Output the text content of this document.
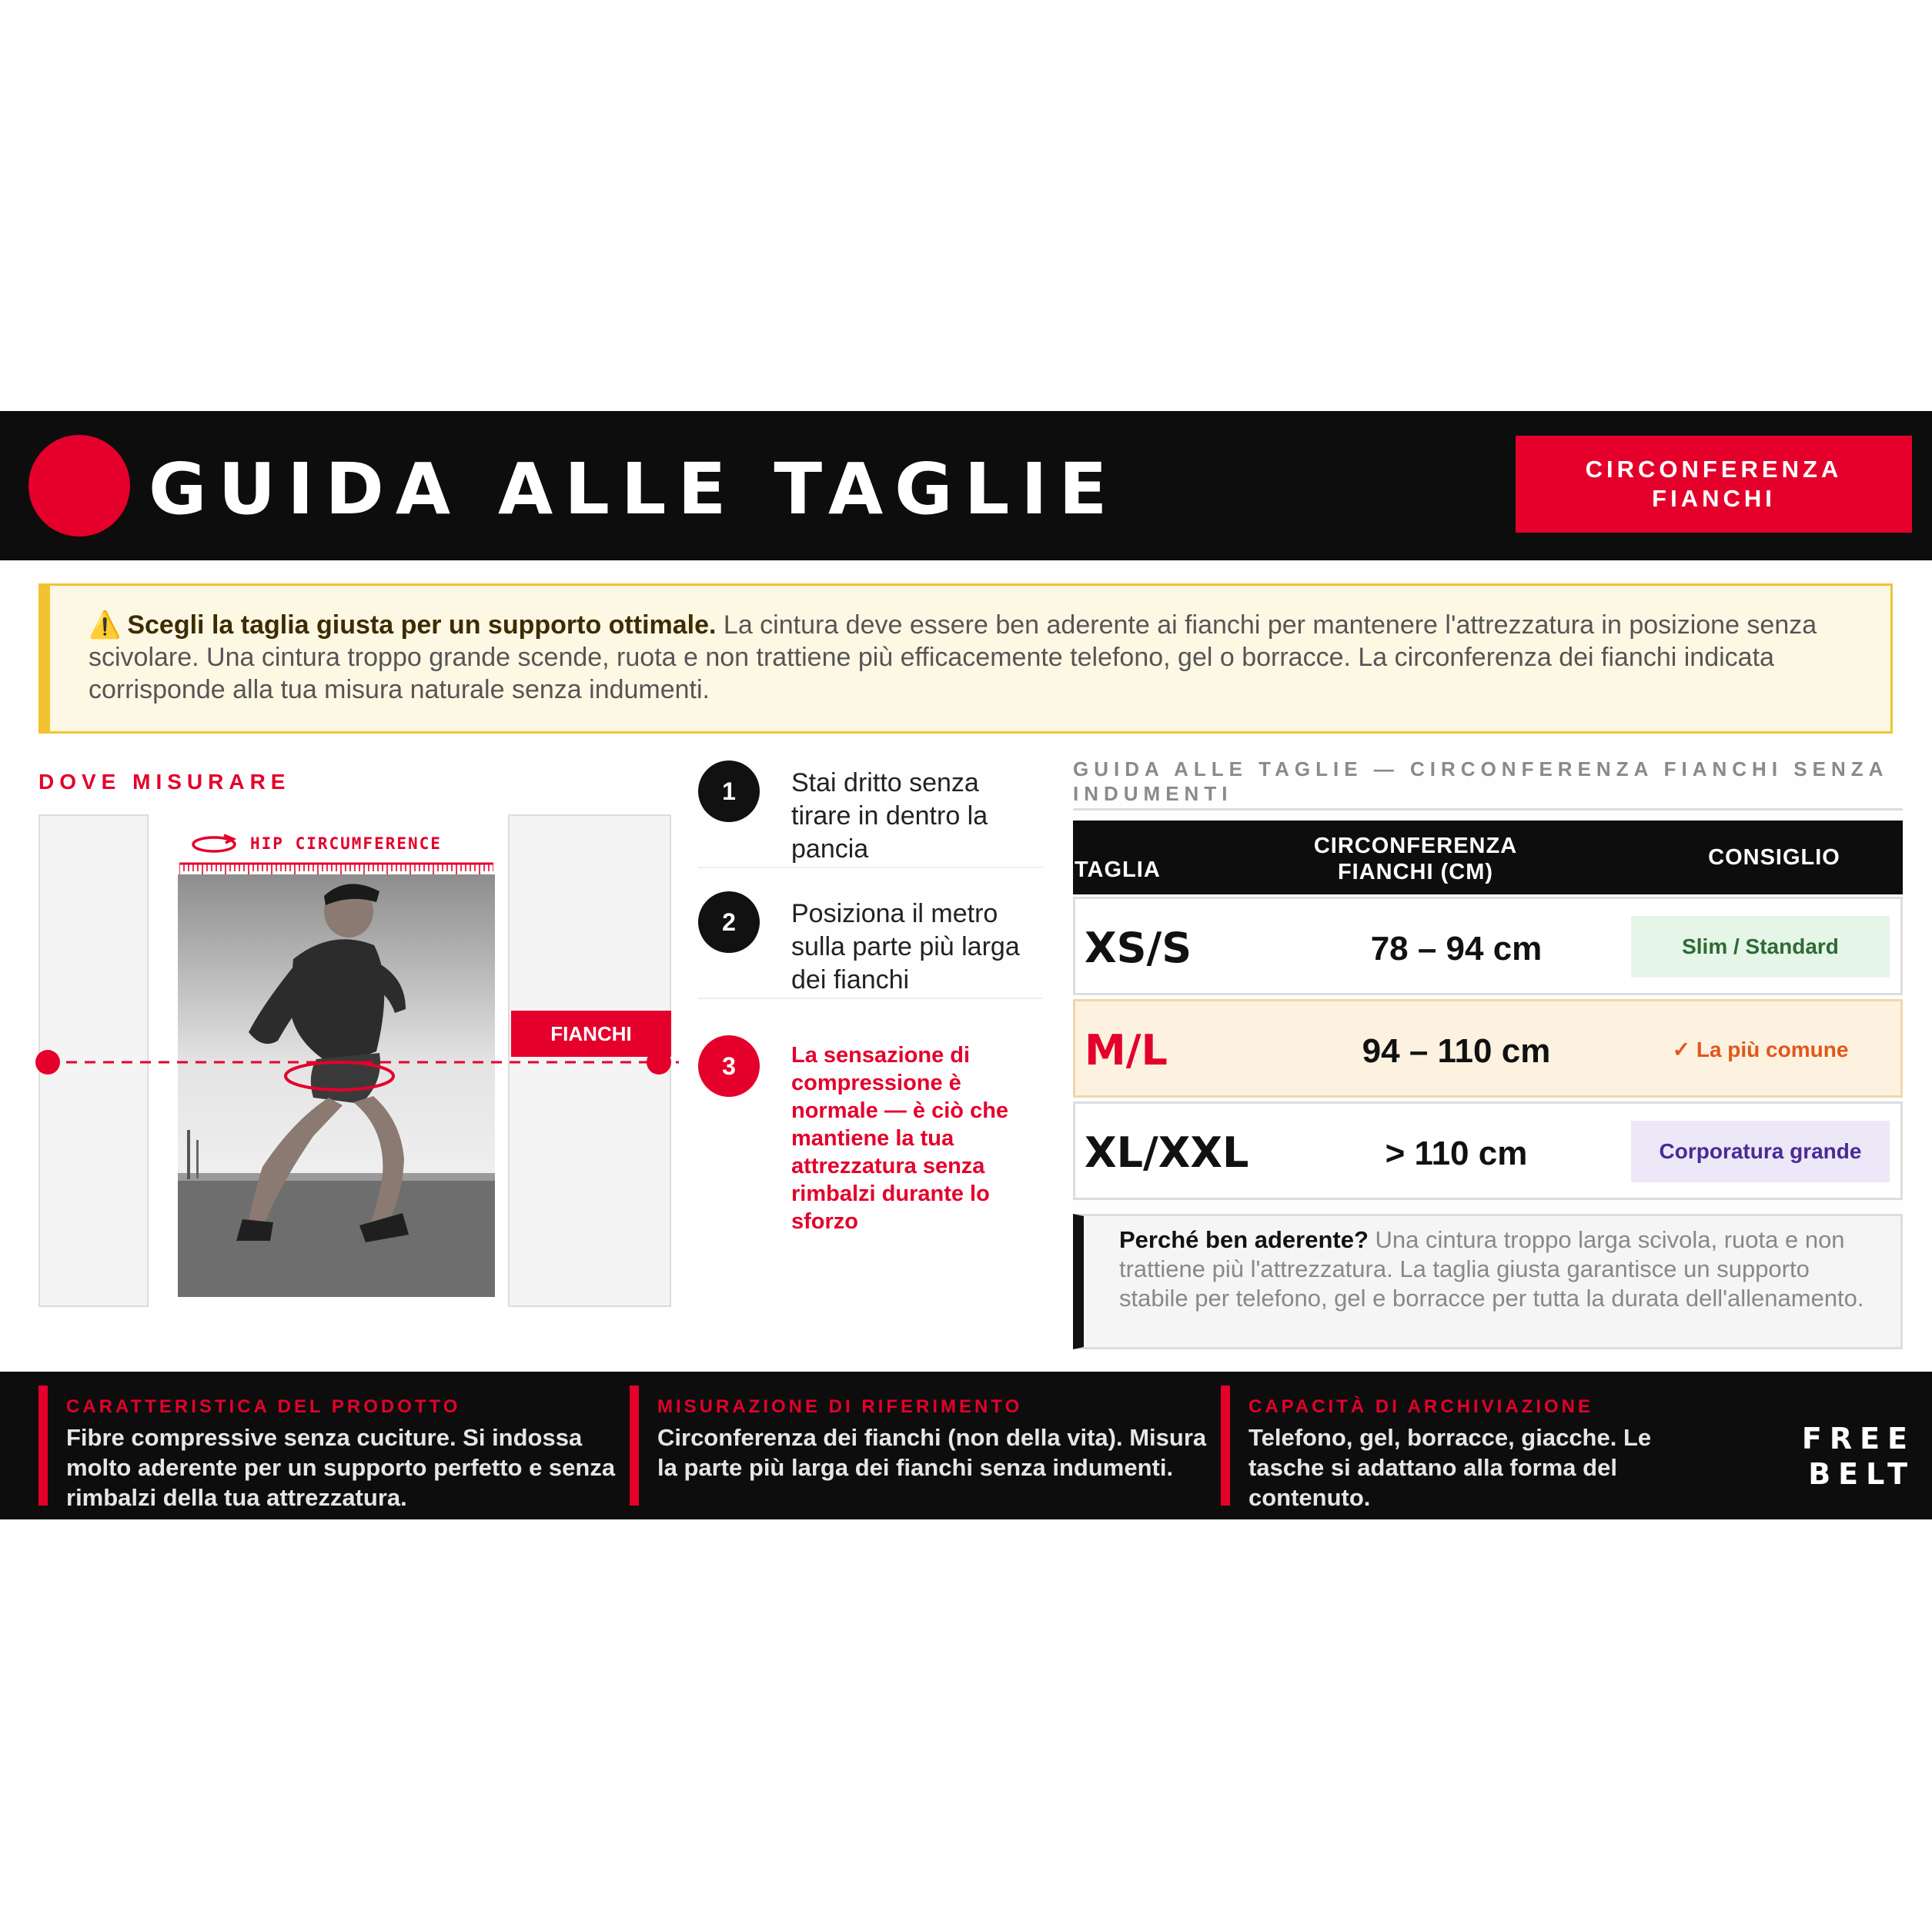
GUIDA ALLE TAGLIE	CIRCONFERENZA
FIANCHI
⚠️ Scegli la taglia giusta per un supporto ottimale. La cintura deve essere ben aderente ai fianchi per mantenere l'attrezzatura in posizione senza scivolare. Una cintura troppo grande scende, ruota e non trattiene più efficacemente telefono, gel o borracce. La circonferenza dei fianchi indicata corrisponde alla tua misura naturale senza indumenti.
DOVE MISURARE
HIP CIRCUMFERENCE
FIANCHI
1	Stai dritto senza tirare in dentro la pancia
2	Posiziona il metro sulla parte più larga dei fianchi
3	La sensazione di compressione è normale — è ciò che mantiene la tua attrezzatura senza rimbalzi durante lo sforzo
GUIDA ALLE TAGLIE — CIRCONFERENZA FIANCHI SENZA INDUMENTI
TAGLIA
CIRCONFERENZA FIANCHI (CM)
CONSIGLIO
XS/S	78 – 94 cm	Slim / Standard
M/L	94 – 110 cm	✓ La più comune
XL/XXL	> 110 cm	Corporatura grande
Perché ben aderente? Una cintura troppo larga scivola, ruota e non trattiene più l'attrezzatura. La taglia giusta garantisce un supporto stabile per telefono, gel e borracce per tutta la durata dell'allenamento.
CARATTERISTICA DEL PRODOTTO
Fibre compressive senza cuciture. Si indossa molto aderente per un supporto perfetto e senza rimbalzi della tua attrezzatura.
MISURAZIONE DI RIFERIMENTO
Circonferenza dei fianchi (non della vita). Misura la parte più larga dei fianchi senza indumenti.
CAPACITÀ DI ARCHIVIAZIONE
Telefono, gel, borracce, giacche. Le tasche si adattano alla forma del contenuto.
FREE
BELT
